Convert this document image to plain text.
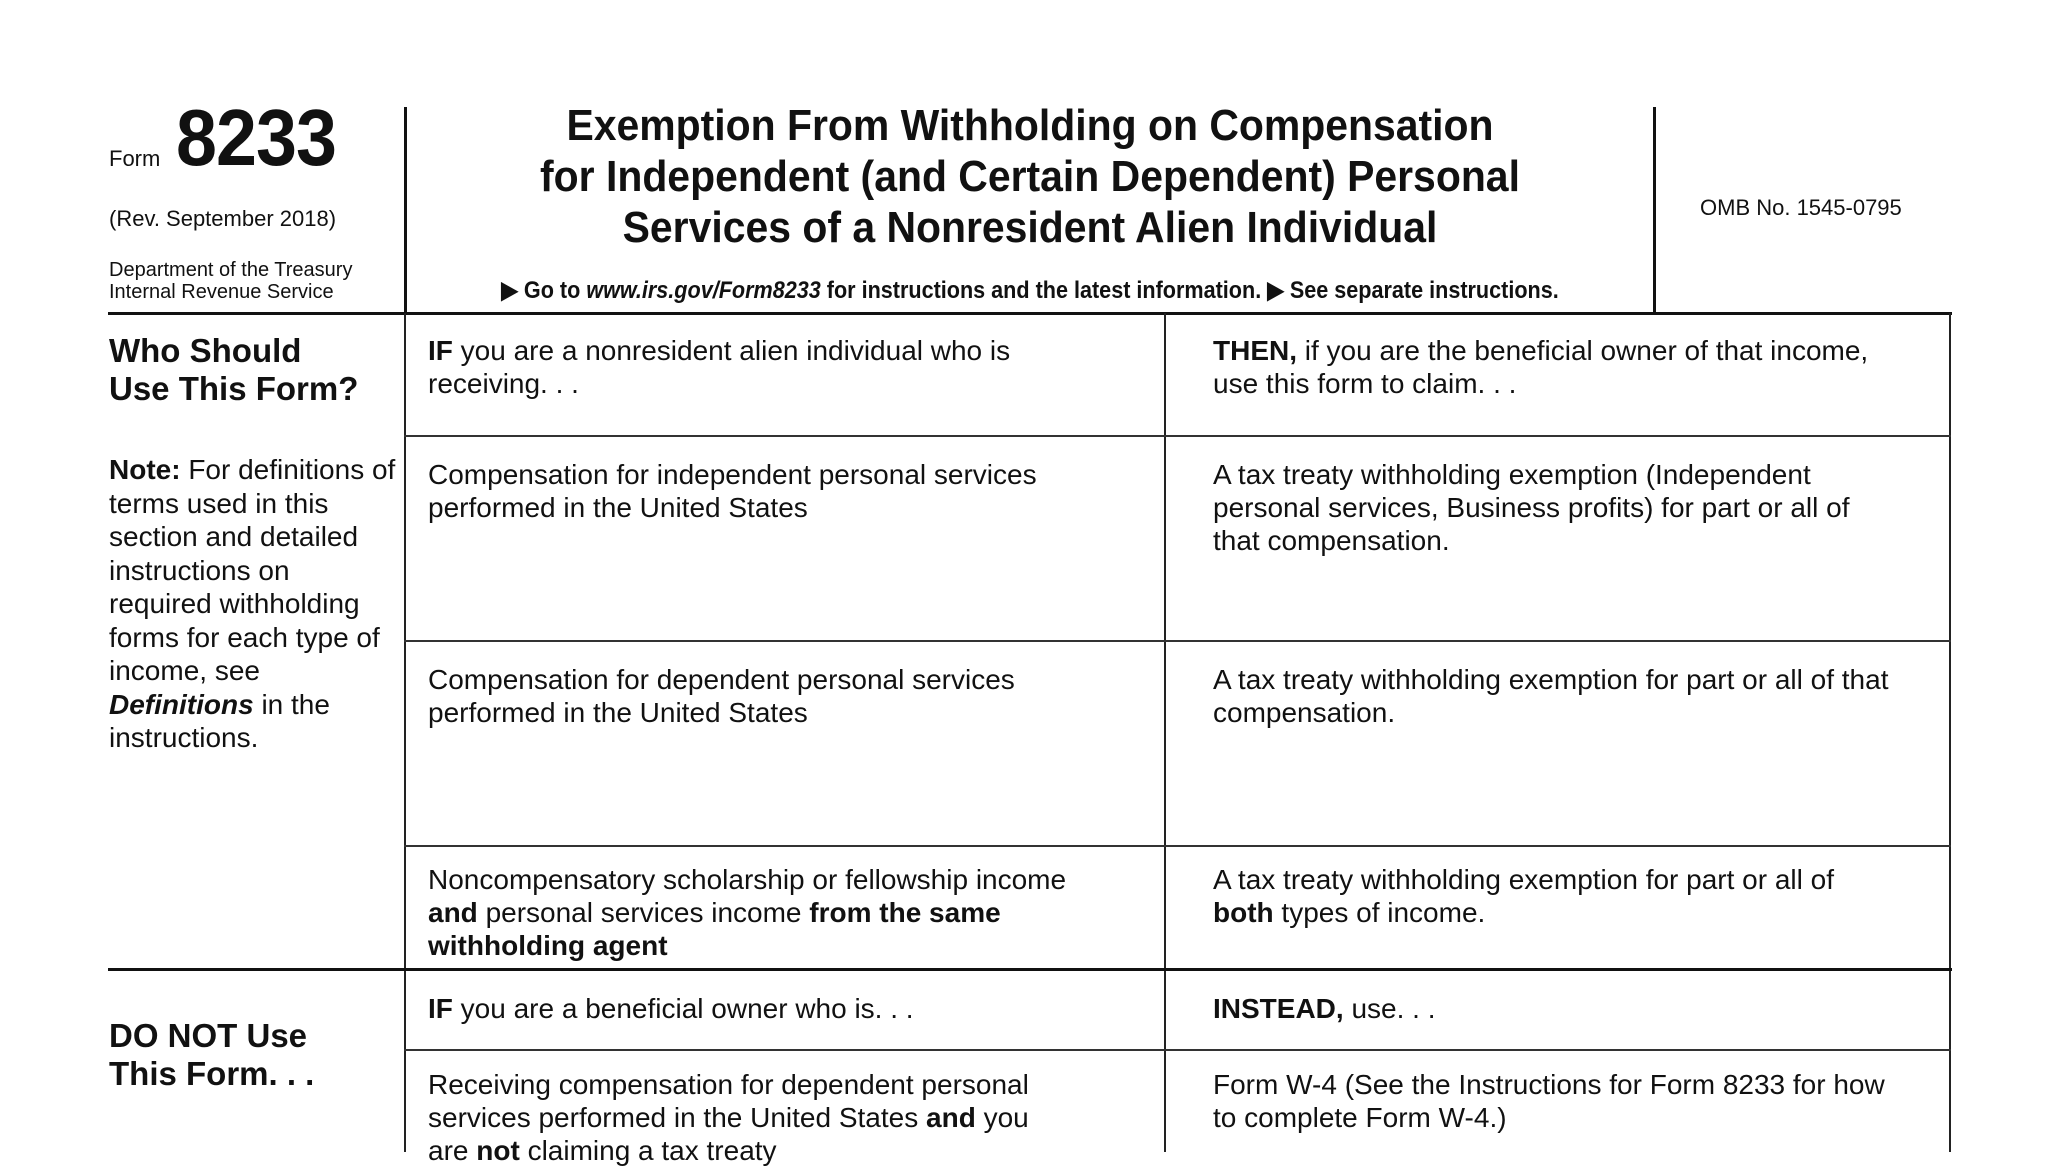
Form 8233
(Rev. September 2018)
Department of the Treasury
Internal Revenue Service
Exemption From Withholding on Compensation
for Independent (and Certain Dependent) Personal
Services of a Nonresident Alien Individual
▶ Go to www.irs.gov/Form8233 for instructions and the latest information. ▶ See separate instructions.
OMB No. 1545-0795
Who Should
Use This Form?
Note: For definitions of terms used in this section and detailed instructions on required withholding forms for each type of income, see Definitions in the instructions.
IF you are a nonresident alien individual who is receiving. . .
THEN, if you are the beneficial owner of that income, use this form to claim. . .
Compensation for independent personal services performed in the United States
A tax treaty withholding exemption (Independent personal services, Business profits) for part or all of that compensation.
Compensation for dependent personal services performed in the United States
A tax treaty withholding exemption for part or all of that compensation.
Noncompensatory scholarship or fellowship income and personal services income from the same withholding agent
A tax treaty withholding exemption for part or all of both types of income.
DO NOT Use
This Form. . .
IF you are a beneficial owner who is. . .	INSTEAD, use. . .
Receiving compensation for dependent personal services performed in the United States and you are not claiming a tax treaty
Form W-4 (See the Instructions for Form 8233 for how to complete Form W-4.)
